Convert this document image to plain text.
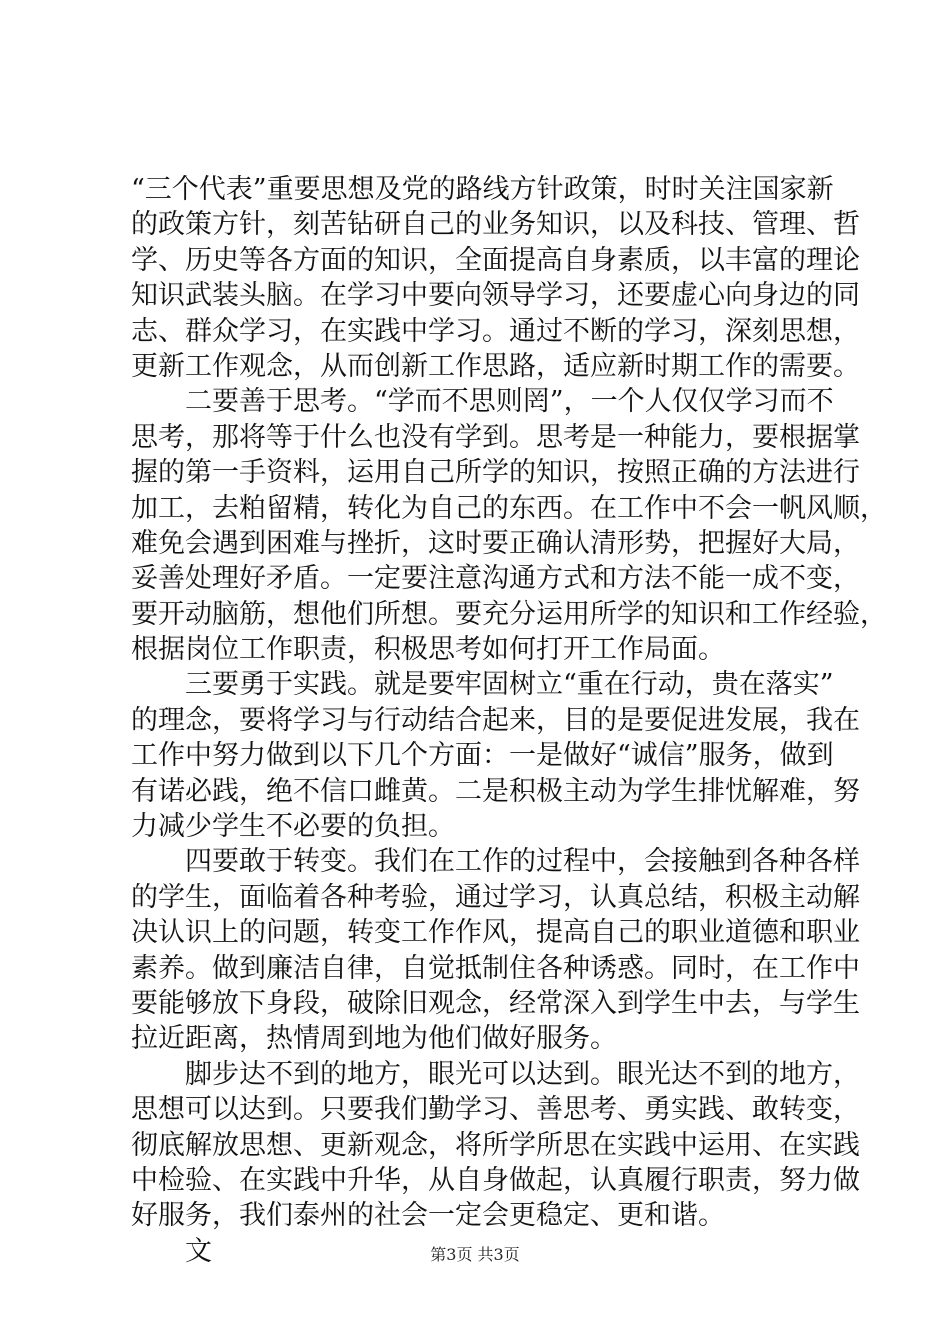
“三个代表”重要思想及党的路线方针政策，时时关注国家新
的政策方针，刻苦钻研自己的业务知识，以及科技、管理、哲
学、历史等各方面的知识，全面提高自身素质，以丰富的理论
知识武装头脑。在学习中要向领导学习，还要虚心向身边的同
志、群众学习，在实践中学习。通过不断的学习，深刻思想，
更新工作观念，从而创新工作思路，适应新时期工作的需要。
二要善于思考。“学而不思则罔”，一个人仅仅学习而不
思考，那将等于什么也没有学到。思考是一种能力，要根据掌
握的第一手资料，运用自己所学的知识，按照正确的方法进行
加工，去粕留精，转化为自己的东西。在工作中不会一帆风顺，
难免会遇到困难与挫折，这时要正确认清形势，把握好大局，
妥善处理好矛盾。一定要注意沟通方式和方法不能一成不变，
要开动脑筋，想他们所想。要充分运用所学的知识和工作经验，
根据岗位工作职责，积极思考如何打开工作局面。
三要勇于实践。就是要牢固树立“重在行动，贵在落实”
的理念，要将学习与行动结合起来，目的是要促进发展，我在
工作中努力做到以下几个方面：一是做好“诚信”服务，做到
有诺必践，绝不信口雌黄。二是积极主动为学生排忧解难，努
力减少学生不必要的负担。
四要敢于转变。我们在工作的过程中，会接触到各种各样
的学生，面临着各种考验，通过学习，认真总结，积极主动解
决认识上的问题，转变工作作风，提高自己的职业道德和职业
素养。做到廉洁自律，自觉抵制住各种诱惑。同时，在工作中
要能够放下身段，破除旧观念，经常深入到学生中去，与学生
拉近距离，热情周到地为他们做好服务。
脚步达不到的地方，眼光可以达到。眼光达不到的地方，
思想可以达到。只要我们勤学习、善思考、勇实践、敢转变，
彻底解放思想、更新观念，将所学所思在实践中运用、在实践
中检验、在实践中升华，从自身做起，认真履行职责，努力做
好服务，我们泰州的社会一定会更稳定、更和谐。
文	第3页 共3页
